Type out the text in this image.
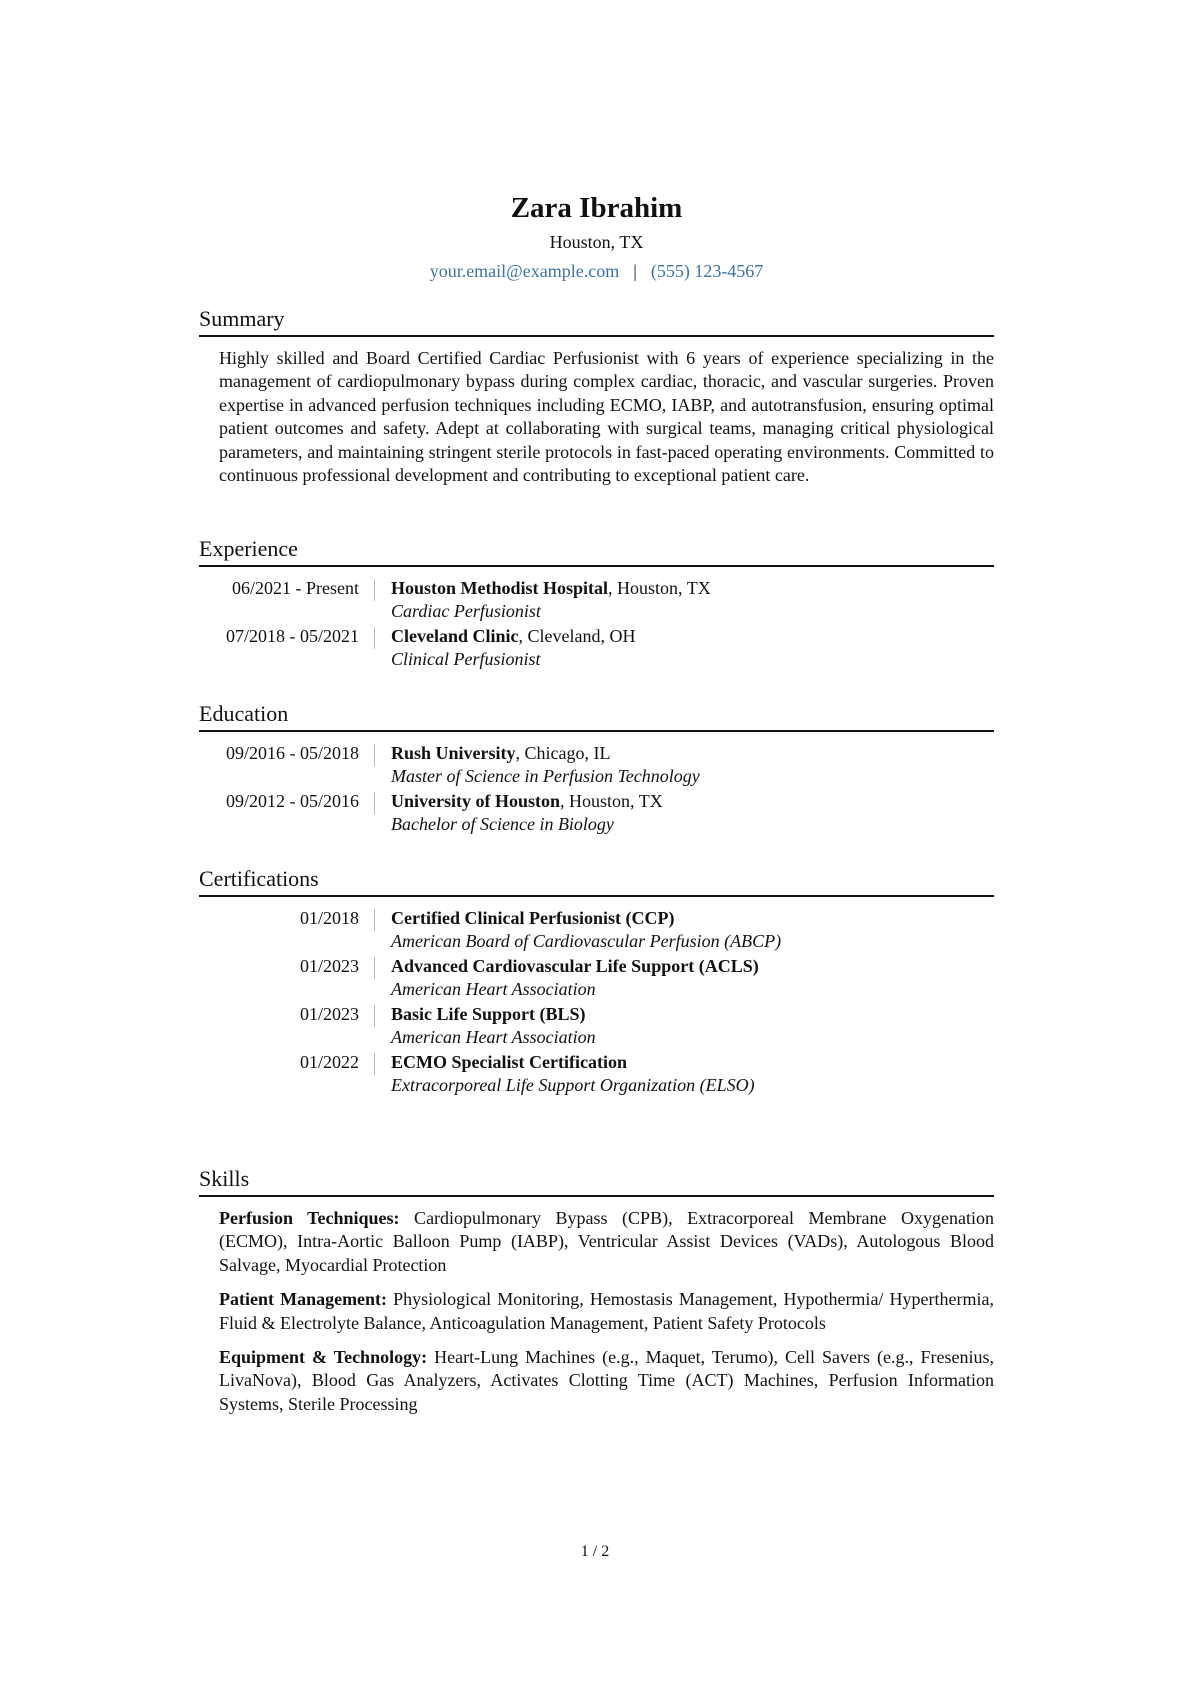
Zara Ibrahim
Houston, TX
your.email@example.com | (555) 123-4567
Summary

Highly skilled and Board Certified Cardiac Perfusionist with 6 years of experience specializing in the management of cardiopulmonary bypass during complex cardiac, thoracic, and vascular surgeries. Proven expertise in advanced perfusion techniques including ECMO, IABP, and autotransfusion, ensuring optimal patient outcomes and safety. Adept at collaborating with surgical teams, managing critical physiological parameters, and maintaining stringent sterile protocols in fast-paced operating environments. Committed to continuous professional development and contributing to exceptional patient care.

Experience
06/2021 - Present	Houston Methodist Hospital, Houston, TX
Cardiac Perfusionist
07/2018 - 05/2021	Cleveland Clinic, Cleveland, OH
Clinical Perfusionist
Education
09/2016 - 05/2018	Rush University, Chicago, IL
Master of Science in Perfusion Technology
09/2012 - 05/2016	University of Houston, Houston, TX
Bachelor of Science in Biology
Certifications
01/2018	Certified Clinical Perfusionist (CCP)
American Board of Cardiovascular Perfusion (ABCP)
01/2023	Advanced Cardiovascular Life Support (ACLS)
American Heart Association
01/2023	Basic Life Support (BLS)
American Heart Association
01/2022	ECMO Specialist Certification
Extracorporeal Life Support Organization (ELSO)
Skills
Perfusion Techniques: Cardiopulmonary Bypass (CPB), Extracorporeal Membrane Oxygenation (ECMO), Intra-Aortic Balloon Pump (IABP), Ventricular Assist Devices (VADs), Autologous Blood Salvage, Myocardial Protection
Patient Management: Physiological Monitoring, Hemostasis Management, Hypothermia/ Hyperthermia, Fluid & Electrolyte Balance, Anticoagulation Management, Patient Safety Protocols
Equipment & Technology: Heart-Lung Machines (e.g., Maquet, Terumo), Cell Savers (e.g., Fresenius, LivaNova), Blood Gas Analyzers, Activates Clotting Time (ACT) Machines, Perfusion Information Systems, Sterile Processing
1 / 2
